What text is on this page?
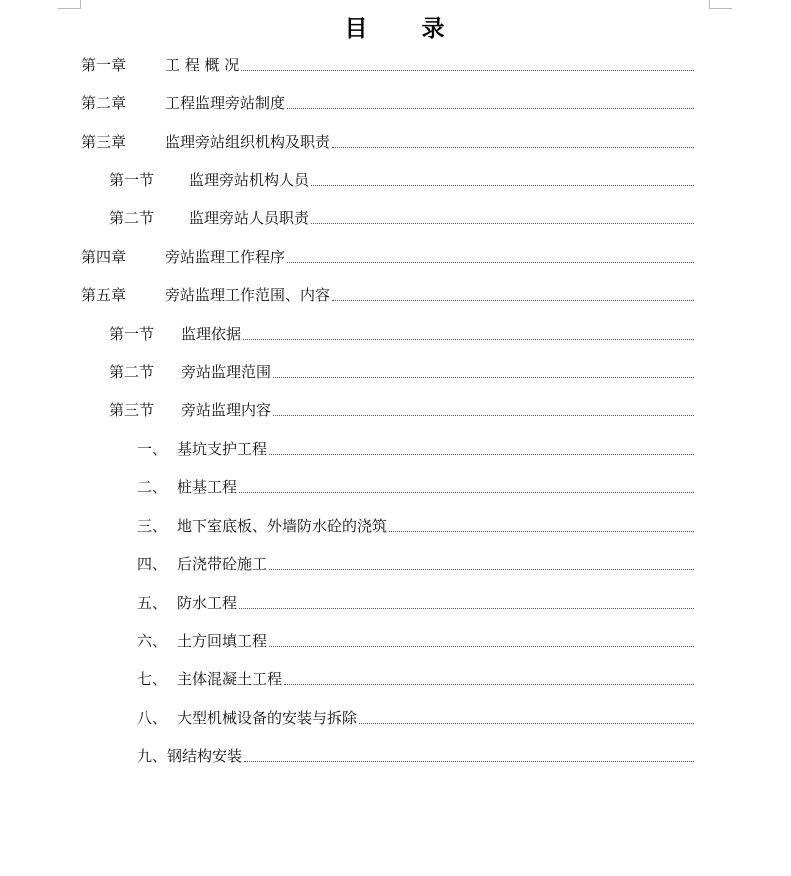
目 录
第一章	工 程 概 况
第二章	工程监理旁站制度
第三章	监理旁站组织机构及职责
第一节	监理旁站机构人员
第二节	监理旁站人员职责
第四章	旁站监理工作程序
第五章	旁站监理工作范围、内容
第一节	监理依据
第二节	旁站监理范围
第三节	旁站监理内容
一、 基坑支护工程
二、 桩基工程
三、 地下室底板、外墙防水砼的浇筑
四、 后浇带砼施工
五、 防水工程
六、 土方回填工程
七、 主体混凝土工程
八、 大型机械设备的安装与拆除
九、 钢结构安装
